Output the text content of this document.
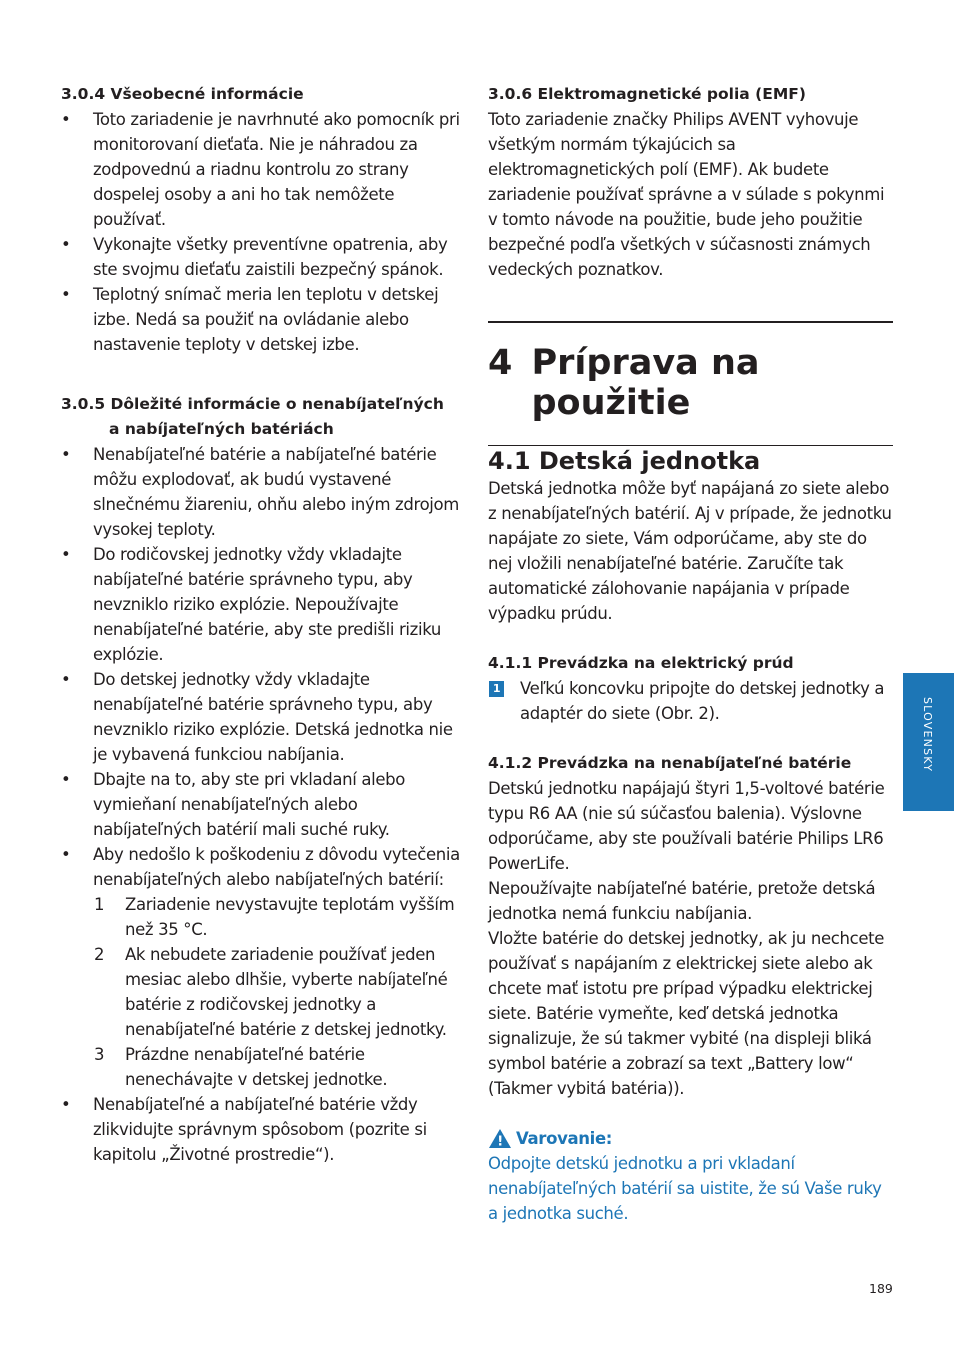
3.0.4 Všeobecné informácie
• Toto zariadenie je navrhnuté ako pomocník pri monitorovaní dieťaťa. Nie je náhradou za zodpovednú a riadnu kontrolu zo strany dospelej osoby a ani ho tak nemôžete používať.
• Vykonajte všetky preventívne opatrenia, aby ste svojmu dieťaťu zaistili bezpečný spánok.
• Teplotný snímač meria len teplotu v detskej izbe. Nedá sa použiť na ovládanie alebo nastavenie teploty v detskej izbe.
3.0.5 Dôležité informácie o nenabíjateľných
a nabíjateľných batériách
• Nenabíjateľné batérie a nabíjateľné batérie môžu explodovať, ak budú vystavené slnečnému žiareniu, ohňu alebo iným zdrojom vysokej teploty.
• Do rodičovskej jednotky vždy vkladajte nabíjateľné batérie správneho typu, aby nevzniklo riziko explózie. Nepoužívajte nenabíjateľné batérie, aby ste predišli riziku explózie.
• Do detskej jednotky vždy vkladajte nenabíjateľné batérie správneho typu, aby nevzniklo riziko explózie. Detská jednotka nie je vybavená funkciou nabíjania.
• Dbajte na to, aby ste pri vkladaní alebo vymieňaní nenabíjateľných alebo nabíjateľných batérií mali suché ruky.
• Aby nedošlo k poškodeniu z dôvodu vytečenia nenabíjateľných alebo nabíjateľných batérií:
1 Zariadenie nevystavujte teplotám vyšším než 35 °C.
2 Ak nebudete zariadenie používať jeden mesiac alebo dlhšie, vyberte nabíjateľné batérie z rodičovskej jednotky a nenabíjateľné batérie z detskej jednotky.
3 Prázdne nenabíjateľné batérie nenechávajte v detskej jednotke.
• Nenabíjateľné a nabíjateľné batérie vždy zlikvidujte správnym spôsobom (pozrite si kapitolu „Životné prostredie“).
3.0.6 Elektromagnetické polia (EMF)

Toto zariadenie značky Philips AVENT vyhovuje všetkým normám týkajúcich sa elektromagnetických polí (EMF). Ak budete zariadenie používať správne a v súlade s pokynmi v tomto návode na použitie, bude jeho použitie bezpečné podľa všetkých v súčasnosti známych vedeckých poznatkov.

4 Príprava na použitie
4.1 Detská jednotka

Detská jednotka môže byť napájaná zo siete alebo z nenabíjateľných batérií. Aj v prípade, že jednotku napájate zo siete, Vám odporúčame, aby ste do nej vložili nenabíjateľné batérie. Zaručíte tak automatické zálohovanie napájania v prípade výpadku prúdu.

4.1.1 Prevádzka na elektrický prúd
1 Veľkú koncovku pripojte do detskej jednotky a adaptér do siete (Obr. 2).
4.1.2 Prevádzka na nenabíjateľné batérie

Detskú jednotku napájajú štyri 1,5-voltové batérie typu R6 AA (nie sú súčasťou balenia). Výslovne odporúčame, aby ste používali batérie Philips LR6 PowerLife.

Nepoužívajte nabíjateľné batérie, pretože detská jednotka nemá funkciu nabíjania.

Vložte batérie do detskej jednotky, ak ju nechcete používať s napájaním z elektrickej siete alebo ak chcete mať istotu pre prípad výpadku elektrickej siete. Batérie vymeňte, keď detská jednotka signalizuje, že sú takmer vybité (na displeji bliká symbol batérie a zobrazí sa text „Battery low“ (Takmer vybitá batéria)).

! Varovanie:
Odpojte detskú jednotku a pri vkladaní nenabíjateľných batérií sa uistite, že sú Vaše ruky a jednotka suché.
SLOVENSKY
189
